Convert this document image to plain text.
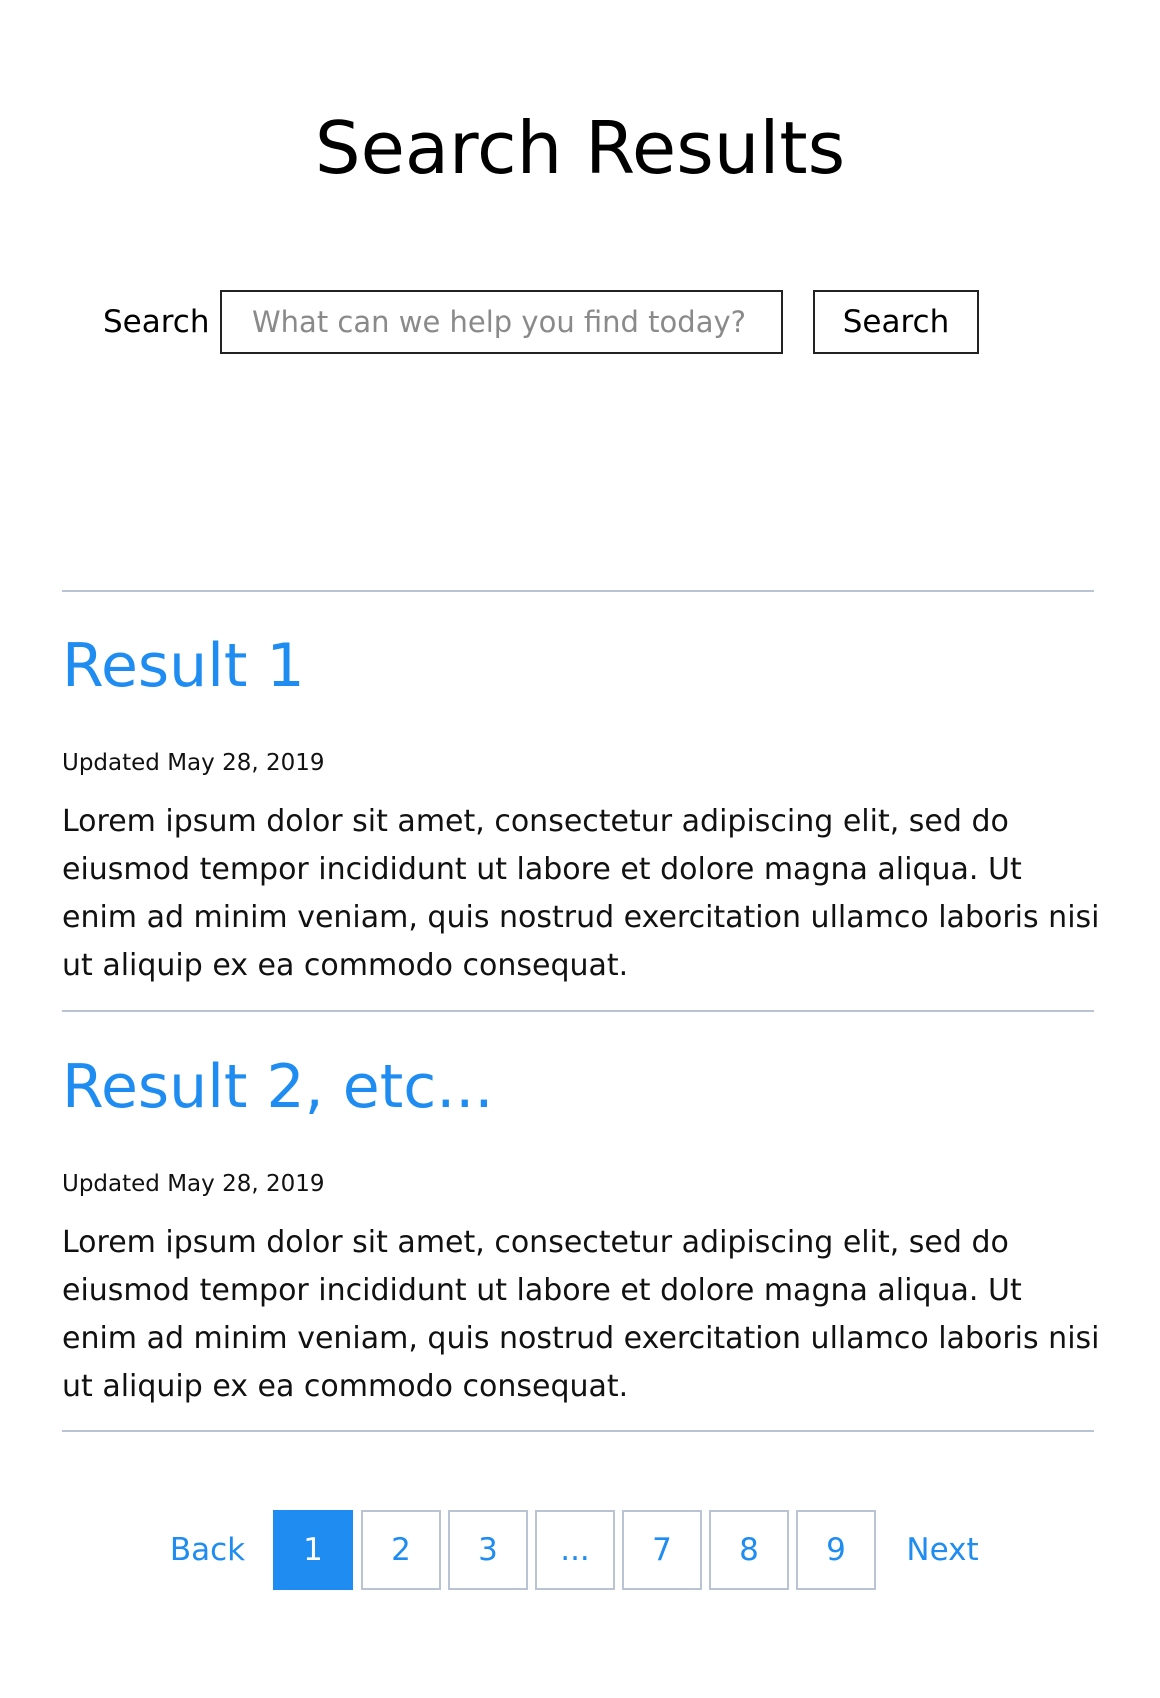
Search Results
Search
What can we help you find today?	Search
Result 1
Updated May 28, 2019
Lorem ipsum dolor sit amet, consectetur adipiscing elit, sed do eiusmod tempor incididunt ut labore et dolore magna aliqua. Ut enim ad minim veniam, quis nostrud exercitation ullamco laboris nisi ut aliquip ex ea commodo consequat.
Result 2, etc...
Updated May 28, 2019
Lorem ipsum dolor sit amet, consectetur adipiscing elit, sed do eiusmod tempor incididunt ut labore et dolore magna aliqua. Ut enim ad minim veniam, quis nostrud exercitation ullamco laboris nisi ut aliquip ex ea commodo consequat.
Back	1	2	3	...	7	8	9	Next
